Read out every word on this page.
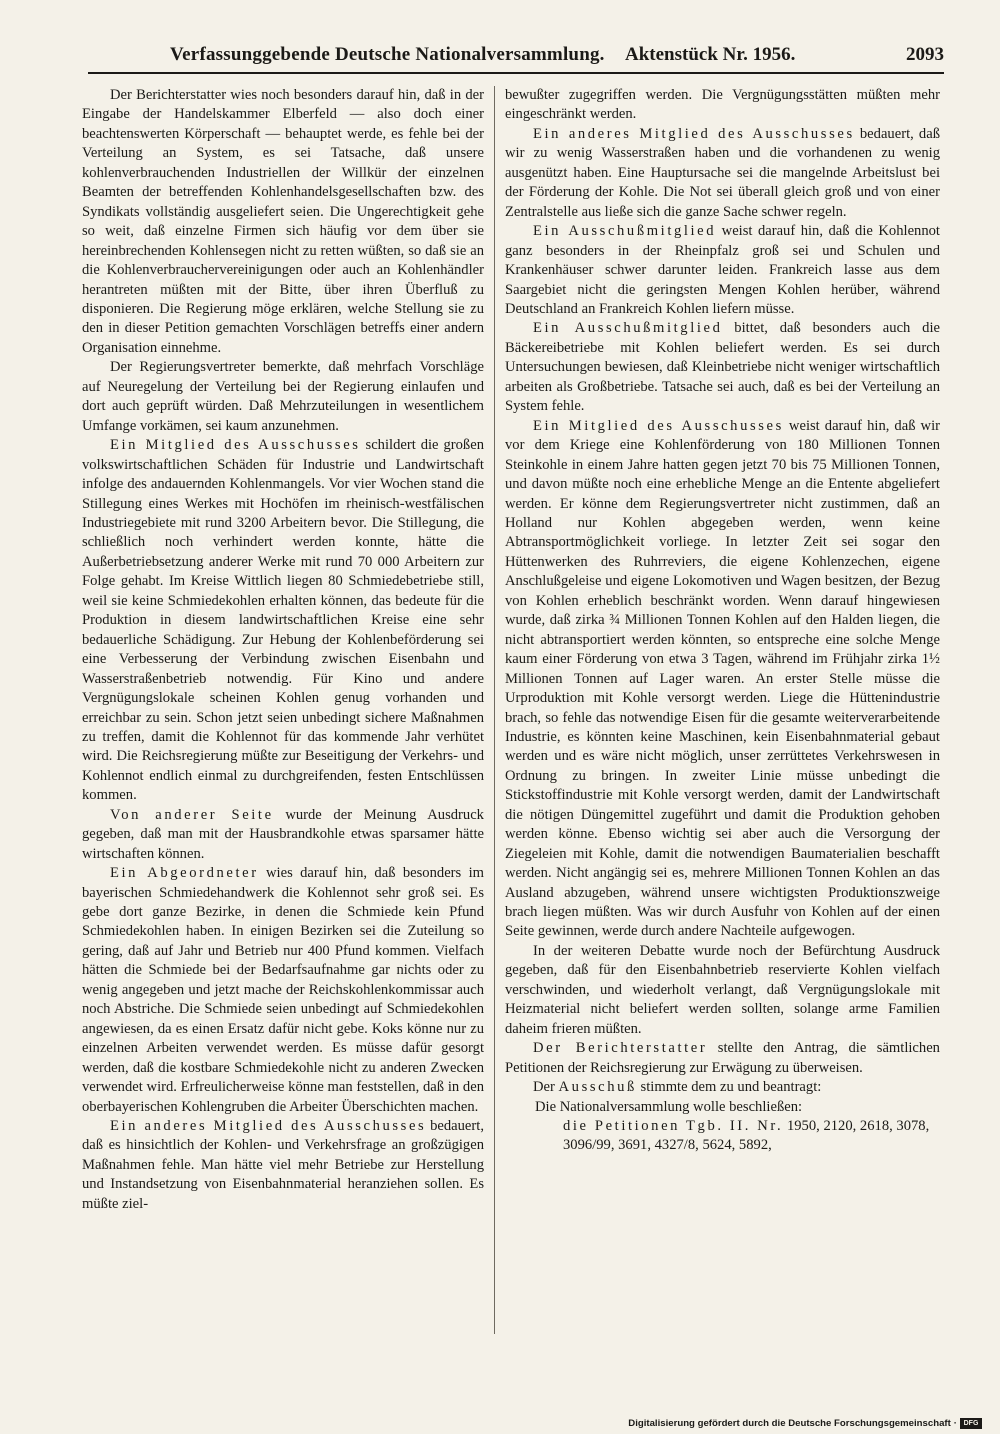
Verfassunggebende Deutsche Nationalversammlung. Aktenstück Nr. 1956.	2093

Der Berichterstatter wies noch besonders darauf hin, daß in der Eingabe der Handelskammer Elberfeld — also doch einer beachtenswerten Körperschaft — behauptet werde, es fehle bei der Verteilung an System, es sei Tatsache, daß unsere kohlenverbrauchenden Industriellen der Willkür der einzelnen Beamten der betreffenden Kohlenhandelsgesellschaften bzw. des Syndikats vollständig ausgeliefert seien. Die Ungerechtigkeit gehe so weit, daß einzelne Firmen sich häufig vor dem über sie hereinbrechenden Kohlensegen nicht zu retten wüßten, so daß sie an die Kohlenverbrauchervereinigungen oder auch an Kohlenhändler herantreten müßten mit der Bitte, über ihren Überfluß zu disponieren. Die Regierung möge erklären, welche Stellung sie zu den in dieser Petition gemachten Vorschlägen betreffs einer andern Organisation einnehme.

Der Regierungsvertreter bemerkte, daß mehrfach Vorschläge auf Neuregelung der Verteilung bei der Regierung einlaufen und dort auch geprüft würden. Daß Mehrzuteilungen in wesentlichem Umfange vorkämen, sei kaum anzunehmen.

Ein Mitglied des Ausschusses schildert die großen volkswirtschaftlichen Schäden für Industrie und Landwirtschaft infolge des andauernden Kohlenmangels. Vor vier Wochen stand die Stillegung eines Werkes mit Hochöfen im rheinisch-westfälischen Industriegebiete mit rund 3200 Arbeitern bevor. Die Stillegung, die schließlich noch verhindert werden konnte, hätte die Außerbetriebsetzung anderer Werke mit rund 70 000 Arbeitern zur Folge gehabt. Im Kreise Wittlich liegen 80 Schmiedebetriebe still, weil sie keine Schmiedekohlen erhalten können, das bedeute für die Produktion in diesem landwirtschaftlichen Kreise eine sehr bedauerliche Schädigung. Zur Hebung der Kohlenbeförderung sei eine Verbesserung der Verbindung zwischen Eisenbahn und Wasserstraßenbetrieb notwendig. Für Kino und andere Vergnügungslokale scheinen Kohlen genug vorhanden und erreichbar zu sein. Schon jetzt seien unbedingt sichere Maßnahmen zu treffen, damit die Kohlennot für das kommende Jahr verhütet wird. Die Reichsregierung müßte zur Beseitigung der Verkehrs- und Kohlennot endlich einmal zu durchgreifenden, festen Entschlüssen kommen.

Von anderer Seite wurde der Meinung Ausdruck gegeben, daß man mit der Hausbrandkohle etwas sparsamer hätte wirtschaften können.

Ein Abgeordneter wies darauf hin, daß besonders im bayerischen Schmiedehandwerk die Kohlennot sehr groß sei. Es gebe dort ganze Bezirke, in denen die Schmiede kein Pfund Schmiedekohlen haben. In einigen Bezirken sei die Zuteilung so gering, daß auf Jahr und Betrieb nur 400 Pfund kommen. Vielfach hätten die Schmiede bei der Bedarfsaufnahme gar nichts oder zu wenig angegeben und jetzt mache der Reichskohlenkommissar auch noch Abstriche. Die Schmiede seien unbedingt auf Schmiedekohlen angewiesen, da es einen Ersatz dafür nicht gebe. Koks könne nur zu einzelnen Arbeiten verwendet werden. Es müsse dafür gesorgt werden, daß die kostbare Schmiedekohle nicht zu anderen Zwecken verwendet wird. Erfreulicherweise könne man feststellen, daß in den oberbayerischen Kohlengruben die Arbeiter Überschichten machen.

Ein anderes Mitglied des Ausschusses bedauert, daß es hinsichtlich der Kohlen- und Verkehrsfrage an großzügigen Maßnahmen fehle. Man hätte viel mehr Betriebe zur Herstellung und Instandsetzung von Eisenbahnmaterial heranziehen sollen. Es müßte ziel-

bewußter zugegriffen werden. Die Vergnügungsstätten müßten mehr eingeschränkt werden.

Ein anderes Mitglied des Ausschusses bedauert, daß wir zu wenig Wasserstraßen haben und die vorhandenen zu wenig ausgenützt haben. Eine Hauptursache sei die mangelnde Arbeitslust bei der Förderung der Kohle. Die Not sei überall gleich groß und von einer Zentralstelle aus ließe sich die ganze Sache schwer regeln.

Ein Ausschußmitglied weist darauf hin, daß die Kohlennot ganz besonders in der Rheinpfalz groß sei und Schulen und Krankenhäuser schwer darunter leiden. Frankreich lasse aus dem Saargebiet nicht die geringsten Mengen Kohlen herüber, während Deutschland an Frankreich Kohlen liefern müsse.

Ein Ausschußmitglied bittet, daß besonders auch die Bäckereibetriebe mit Kohlen beliefert werden. Es sei durch Untersuchungen bewiesen, daß Kleinbetriebe nicht weniger wirtschaftlich arbeiten als Großbetriebe. Tatsache sei auch, daß es bei der Verteilung an System fehle.

Ein Mitglied des Ausschusses weist darauf hin, daß wir vor dem Kriege eine Kohlenförderung von 180 Millionen Tonnen Steinkohle in einem Jahre hatten gegen jetzt 70 bis 75 Millionen Tonnen, und davon müßte noch eine erhebliche Menge an die Entente abgeliefert werden. Er könne dem Regierungsvertreter nicht zustimmen, daß an Holland nur Kohlen abgegeben werden, wenn keine Abtransportmöglichkeit vorliege. In letzter Zeit sei sogar den Hüttenwerken des Ruhrreviers, die eigene Kohlenzechen, eigene Anschlußgeleise und eigene Lokomotiven und Wagen besitzen, der Bezug von Kohlen erheblich beschränkt worden. Wenn darauf hingewiesen wurde, daß zirka ¾ Millionen Tonnen Kohlen auf den Halden liegen, die nicht abtransportiert werden könnten, so entspreche eine solche Menge kaum einer Förderung von etwa 3 Tagen, während im Frühjahr zirka 1½ Millionen Tonnen auf Lager waren. An erster Stelle müsse die Urproduktion mit Kohle versorgt werden. Liege die Hüttenindustrie brach, so fehle das notwendige Eisen für die gesamte weiterverarbeitende Industrie, es könnten keine Maschinen, kein Eisenbahnmaterial gebaut werden und es wäre nicht möglich, unser zerrüttetes Verkehrswesen in Ordnung zu bringen. In zweiter Linie müsse unbedingt die Stickstoffindustrie mit Kohle versorgt werden, damit der Landwirtschaft die nötigen Düngemittel zugeführt und damit die Produktion gehoben werden könne. Ebenso wichtig sei aber auch die Versorgung der Ziegeleien mit Kohle, damit die notwendigen Baumaterialien beschafft werden. Nicht angängig sei es, mehrere Millionen Tonnen Kohlen an das Ausland abzugeben, während unsere wichtigsten Produktionszweige brach liegen müßten. Was wir durch Ausfuhr von Kohlen auf der einen Seite gewinnen, werde durch andere Nachteile aufgewogen.

In der weiteren Debatte wurde noch der Befürchtung Ausdruck gegeben, daß für den Eisenbahnbetrieb reservierte Kohlen vielfach verschwinden, und wiederholt verlangt, daß Vergnügungslokale mit Heizmaterial nicht beliefert werden sollten, solange arme Familien daheim frieren müßten.

Der Berichterstatter stellte den Antrag, die sämtlichen Petitionen der Reichsregierung zur Erwägung zu überweisen.

Der Ausschuß stimmte dem zu und beantragt:

Die Nationalversammlung wolle beschließen:

die Petitionen Tgb. II. Nr. 1950, 2120, 2618, 3078, 3096/99, 3691, 4327/8, 5624, 5892,

Digitalisierung gefördert durch die Deutsche Forschungsgemeinschaft · DFG
